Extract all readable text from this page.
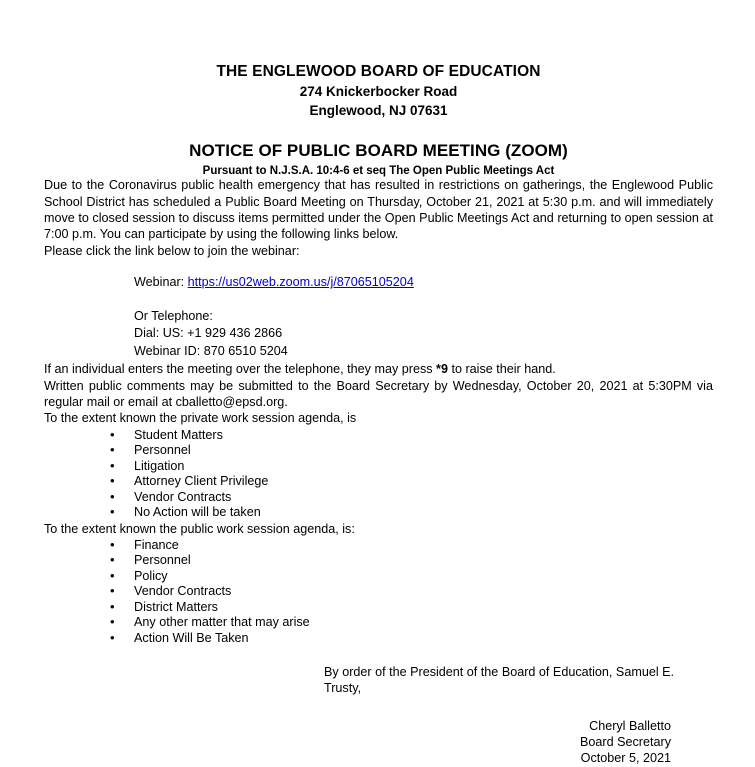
THE ENGLEWOOD BOARD OF EDUCATION
274 Knickerbocker Road
Englewood, NJ 07631
NOTICE OF PUBLIC BOARD MEETING (ZOOM)
Pursuant to N.J.S.A. 10:4-6 et seq The Open Public Meetings Act

Due to the Coronavirus public health emergency that has resulted in restrictions on gatherings, the Englewood Public School District has scheduled a Public Board Meeting on Thursday, October 21, 2021 at 5:30 p.m. and will immediately move to closed session to discuss items permitted under the Open Public Meetings Act and returning to open session at 7:00 p.m. You can participate by using the following links below.

Please click the link below to join the webinar:

Webinar: https://us02web.zoom.us/j/87065105204
Or Telephone:
Dial: US: +1 929 436 2866
Webinar ID: 870 6510 5204

If an individual enters the meeting over the telephone, they may press *9 to raise their hand.

Written public comments may be submitted to the Board Secretary by Wednesday, October 20, 2021 at 5:30PM via regular mail or email at cballetto@epsd.org.

To the extent known the private work session agenda, is

• Student Matters
• Personnel
• Litigation
• Attorney Client Privilege
• Vendor Contracts
• No Action will be taken

To the extent known the public work session agenda, is:

• Finance
• Personnel
• Policy
• Vendor Contracts
• District Matters
• Any other matter that may arise
• Action Will Be Taken
By order of the President of the Board of Education, Samuel E. Trusty,
Cheryl Balletto
Board Secretary
October 5, 2021
